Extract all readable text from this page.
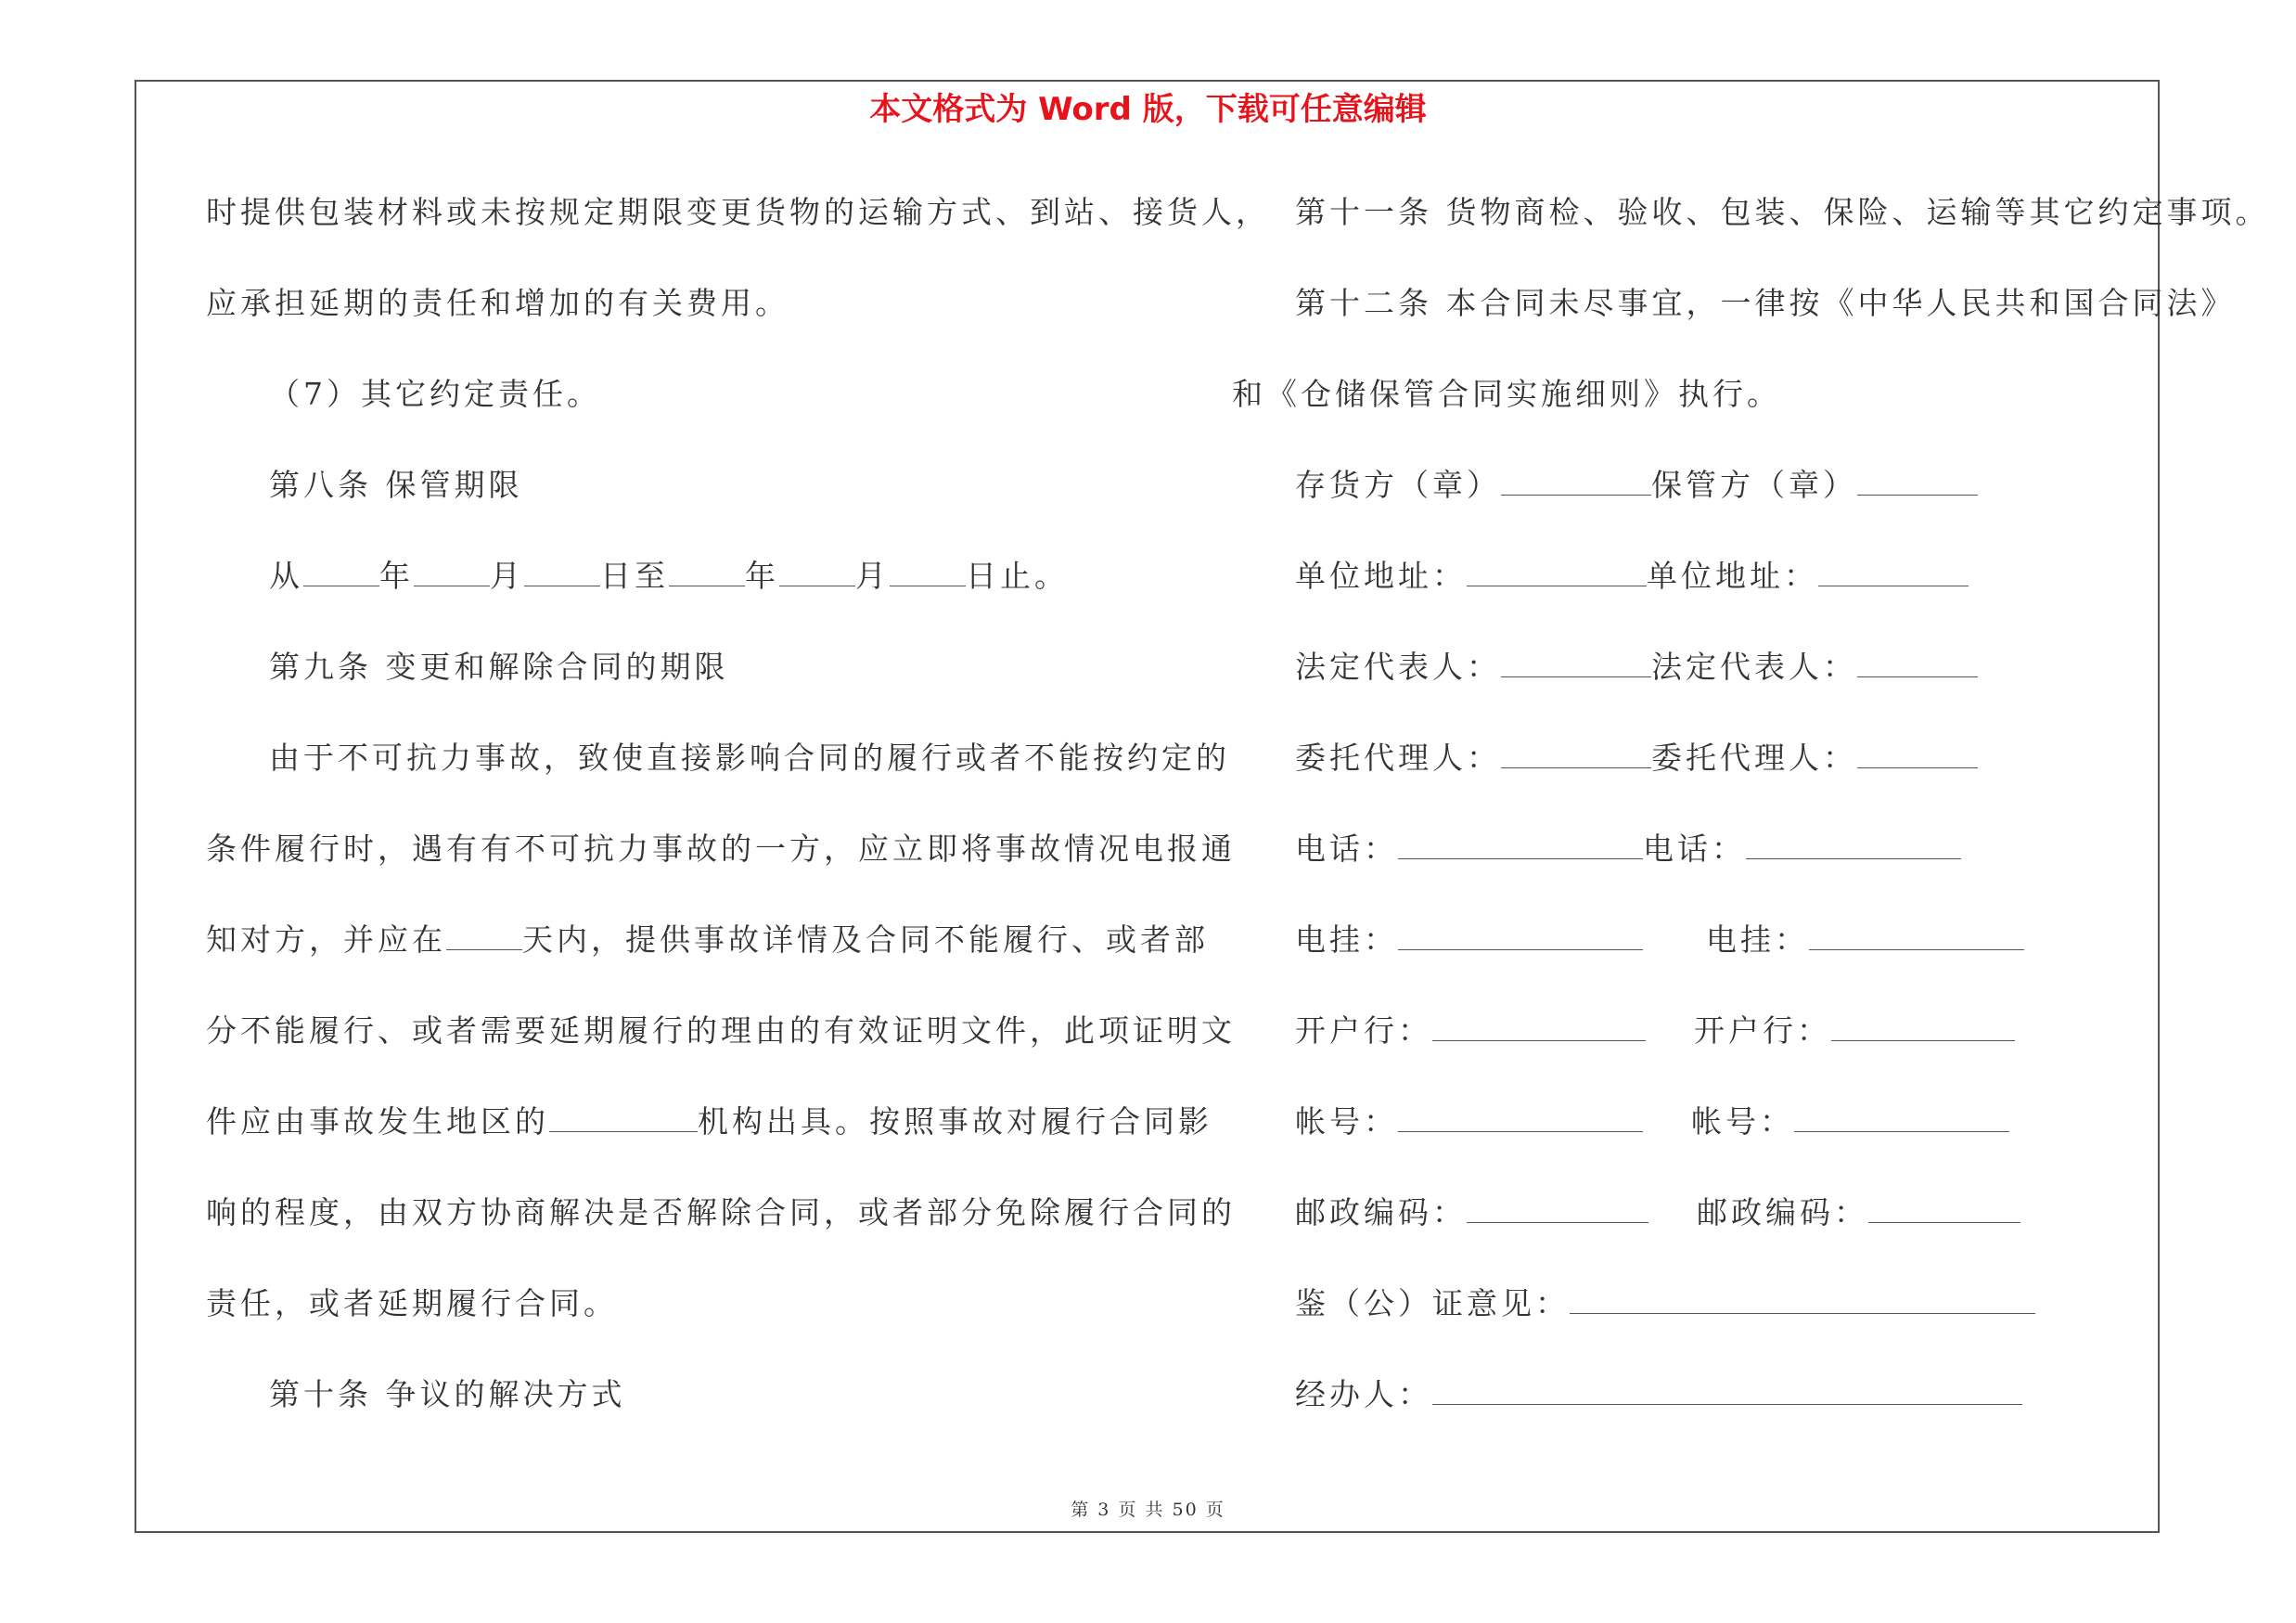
本文格式为 Word 版，下载可任意编辑
时提供包装材料或未按规定期限变更货物的运输方式、到站、接货人，
应承担延期的责任和增加的有关费用。
（7）其它约定责任。
第八条 保管期限
从 年 月 日至 年 月 日止。
第九条 变更和解除合同的期限
由于不可抗力事故，致使直接影响合同的履行或者不能按约定的
条件履行时，遇有有不可抗力事故的一方，应立即将事故情况电报通
知对方，并应在 天内，提供事故详情及合同不能履行、或者部
分不能履行、或者需要延期履行的理由的有效证明文件，此项证明文
件应由事故发生地区的	机构出具。按照事故对履行合同影
响的程度，由双方协商解决是否解除合同，或者部分免除履行合同的
责任，或者延期履行合同。
第十条 争议的解决方式
第十一条 货物商检、验收、包装、保险、运输等其它约定事项。
第十二条 本合同未尽事宜，一律按《中华人民共和国合同法》
和《仓储保管合同实施细则》执行。
存货方（章）	保管方（章）
单位地址：	单位地址：
法定代表人：	法定代表人：
委托代理人：	委托代理人：
电话：	电话：
电挂：	电挂：
开户行：	开户行：
帐号：	帐号：
邮政编码：	邮政编码：
鉴（公）证意见：
经办人：
第 3 页 共 50 页
